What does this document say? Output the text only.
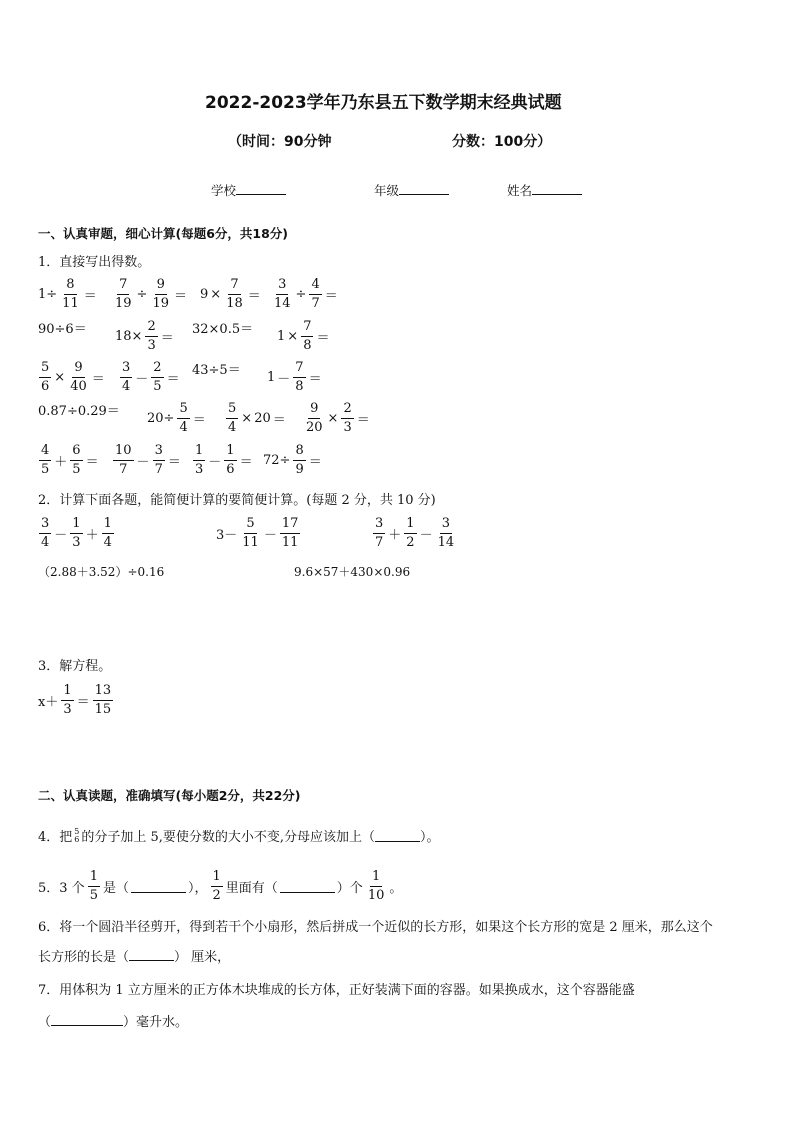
2022-2023学年乃东县五下数学期末经典试题
（时间：90分钟	分数：100分）
学校	年级	姓名
一、认真审题，细心计算(每题6分，共18分)
1．直接写出得数。
$1\div \frac{8}{11} = \frac{7}{19} \div \frac{9}{19} = 9 \times \frac{7}{18} = \frac{3}{14} \div \frac{4}{7}$ ＝
$90\div 6= 18\times \frac{2}{3}$ ＝
$32\times 0.5= 1 \times \frac{7}{8}$ ＝
$\frac{5}{6} \times \frac{9}{40} = \frac{3}{4} - \frac{2}{5}$ ＝
$43\div 5= 1 - \frac{7}{8}$ ＝
$0.87\div 0.29= 20\div \frac{5}{4} = \frac{5}{4} \times 20 = \frac{9}{20} \times \frac{2}{3}$ ＝
$\frac{4}{5} + \frac{6}{5} = \frac{10}{7} - \frac{3}{7} = \frac{1}{3} - \frac{1}{6} = 72\div \frac{8}{9}$ ＝
2．计算下面各题，能简便计算的要简便计算。(每题 2 分，共 10 分)
$\frac{3}{4} - \frac{1}{3} + \frac{1}{4}$	$3- \frac{5}{11} - \frac{17}{11}$	$\frac{3}{7} + \frac{1}{2} - \frac{3}{14}$
（2.88＋3.52）÷0.16	9.6×57＋430×0.96
3．解方程。
$x+ \frac{1}{3} = \frac{13}{15}$
二、认真读题，准确填写(每小题2分，共22分)
4．把 5
6 的分子加上 5,要使分数的大小不变,分母应该加上（	）。
5．3 个 $\frac{1}{5}$ 是（	）， $\frac{1}{2}$ 里面有（	）个 $\frac{1}{10}$ 。
6．将一个圆沿半径剪开，得到若干个小扇形，然后拼成一个近似的长方形，如果这个长方形的宽是 2 厘米，那么这个
长方形的长是（	） 厘米，
7．用体积为 1 立方厘米的正方体木块堆成的长方体，正好装满下面的容器。如果换成水，这个容器能盛
（	）毫升水。
